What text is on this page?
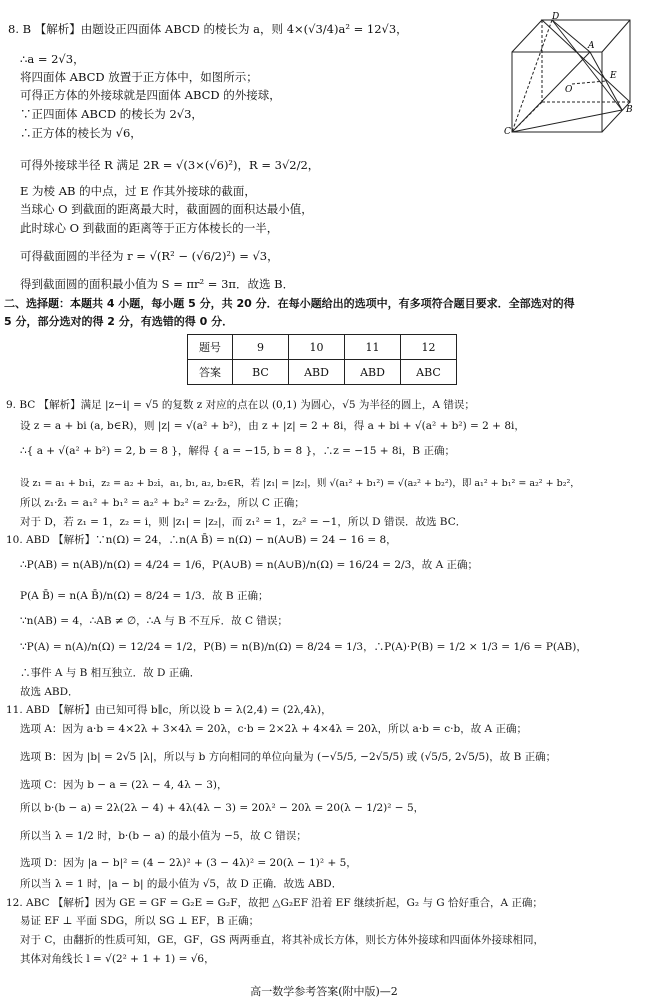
8. B 【解析】由题设正四面体 ABCD 的棱长为 a，则 4×(√3/4)a² = 12√3，
∴a = 2√3，
将四面体 ABCD 放置于正方体中，如图所示；
可得正方体的外接球就是四面体 ABCD 的外接球，
∵正四面体 ABCD 的棱长为 2√3，
∴正方体的棱长为 √6，
可得外接球半径 R 满足 2R = √(3×(√6)²)，R = 3√2/2，
E 为棱 AB 的中点，过 E 作其外接球的截面，
当球心 O 到截面的距离最大时，截面圆的面积达最小值，
此时球心 O 到截面的距离等于正方体棱长的一半，
可得截面圆的半径为 r = √(R² − (√6/2)²) = √3，
得到截面圆的面积最小值为 S = πr² = 3π．故选 B．
二、选择题：本题共 4 小题，每小题 5 分，共 20 分．在每小题给出的选项中，有多项符合题目要求．全部选对的得
5 分，部分选对的得 2 分，有选错的得 0 分．
题号	9	10	11	12
答案	BC	ABD	ABD	ABC
9. BC 【解析】满足 |z−i| = √5 的复数 z 对应的点在以 (0,1) 为圆心，√5 为半径的圆上，A 错误；
设 z = a + bi (a, b∈R)，则 |z| = √(a² + b²)，由 z + |z| = 2 + 8i，得 a + bi + √(a² + b²) = 2 + 8i，
∴{ a + √(a² + b²) = 2, b = 8 }，解得 { a = −15, b = 8 }，∴z = −15 + 8i，B 正确；
设 z₁ = a₁ + b₁i，z₂ = a₂ + b₂i，a₁, b₁, a₂, b₂∈R，若 |z₁| = |z₂|，则 √(a₁² + b₁²) = √(a₂² + b₂²)，即 a₁² + b₁² = a₂² + b₂²，
所以 z₁·z̄₁ = a₁² + b₁² = a₂² + b₂² = z₂·z̄₂，所以 C 正确；
对于 D，若 z₁ = 1，z₂ = i，则 |z₁| = |z₂|，而 z₁² = 1，z₂² = −1，所以 D 错误．故选 BC．
10. ABD 【解析】∵n(Ω) = 24，∴n(A B̄) = n(Ω) − n(A∪B) = 24 − 16 = 8，
∴P(AB) = n(AB)/n(Ω) = 4/24 = 1/6，P(A∪B) = n(A∪B)/n(Ω) = 16/24 = 2/3，故 A 正确；
P(A B̄) = n(A B̄)/n(Ω) = 8/24 = 1/3．故 B 正确；
∵n(AB) = 4，∴AB ≠ ∅，∴A 与 B 不互斥．故 C 错误；
∵P(A) = n(A)/n(Ω) = 12/24 = 1/2，P(B) = n(B)/n(Ω) = 8/24 = 1/3，∴P(A)·P(B) = 1/2 × 1/3 = 1/6 = P(AB)，
∴事件 A 与 B 相互独立．故 D 正确．
故选 ABD．
11. ABD 【解析】由已知可得 b∥c，所以设 b = λ(2,4) = (2λ,4λ)，
选项 A：因为 a·b = 4×2λ + 3×4λ = 20λ，c·b = 2×2λ + 4×4λ = 20λ，所以 a·b = c·b，故 A 正确；
选项 B：因为 |b| = 2√5 |λ|，所以与 b 方向相同的单位向量为 (−√5/5, −2√5/5) 或 (√5/5, 2√5/5)，故 B 正确；
选项 C：因为 b − a = (2λ − 4, 4λ − 3)，
所以 b·(b − a) = 2λ(2λ − 4) + 4λ(4λ − 3) = 20λ² − 20λ = 20(λ − 1/2)² − 5，
所以当 λ = 1/2 时，b·(b − a) 的最小值为 −5，故 C 错误；
选项 D：因为 |a − b|² = (4 − 2λ)² + (3 − 4λ)² = 20(λ − 1)² + 5，
所以当 λ = 1 时，|a − b| 的最小值为 √5，故 D 正确．故选 ABD．
12. ABC 【解析】因为 GE = GF = G₂E = G₂F，故把 △G₂EF 沿着 EF 继续折起，G₂ 与 G 恰好重合，A 正确；
易证 EF ⊥ 平面 SDG，所以 SG ⊥ EF，B 正确；
对于 C，由翻折的性质可知，GE，GF，GS 两两垂直，将其补成长方体，则长方体外接球和四面体外接球相同，
其体对角线长 l = √(2² + 1 + 1) = √6，
D
A
E
O
B
C
高一数学参考答案(附中版)—2
